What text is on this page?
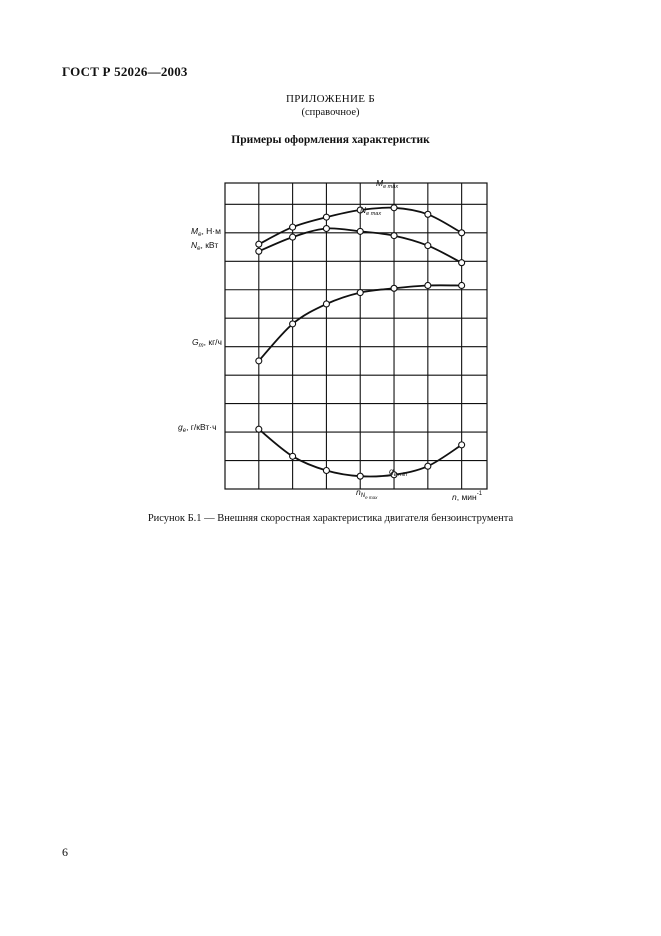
ГОСТ Р 52026—2003
ПРИЛОЖЕНИЕ Б
(справочное)
Примеры оформления характеристик
$M_e$, Н·м
$N_e$, кВт
$G_т$, кг/ч
$g_e$, г/кВт·ч
n, мин$^{-1}$
$n_{Ne max}$
$M_{e max}$
$N_{e max}$
$g_{e min}$
Рисунок Б.1 — Внешняя скоростная характеристика двигателя бензоинструмента
6
